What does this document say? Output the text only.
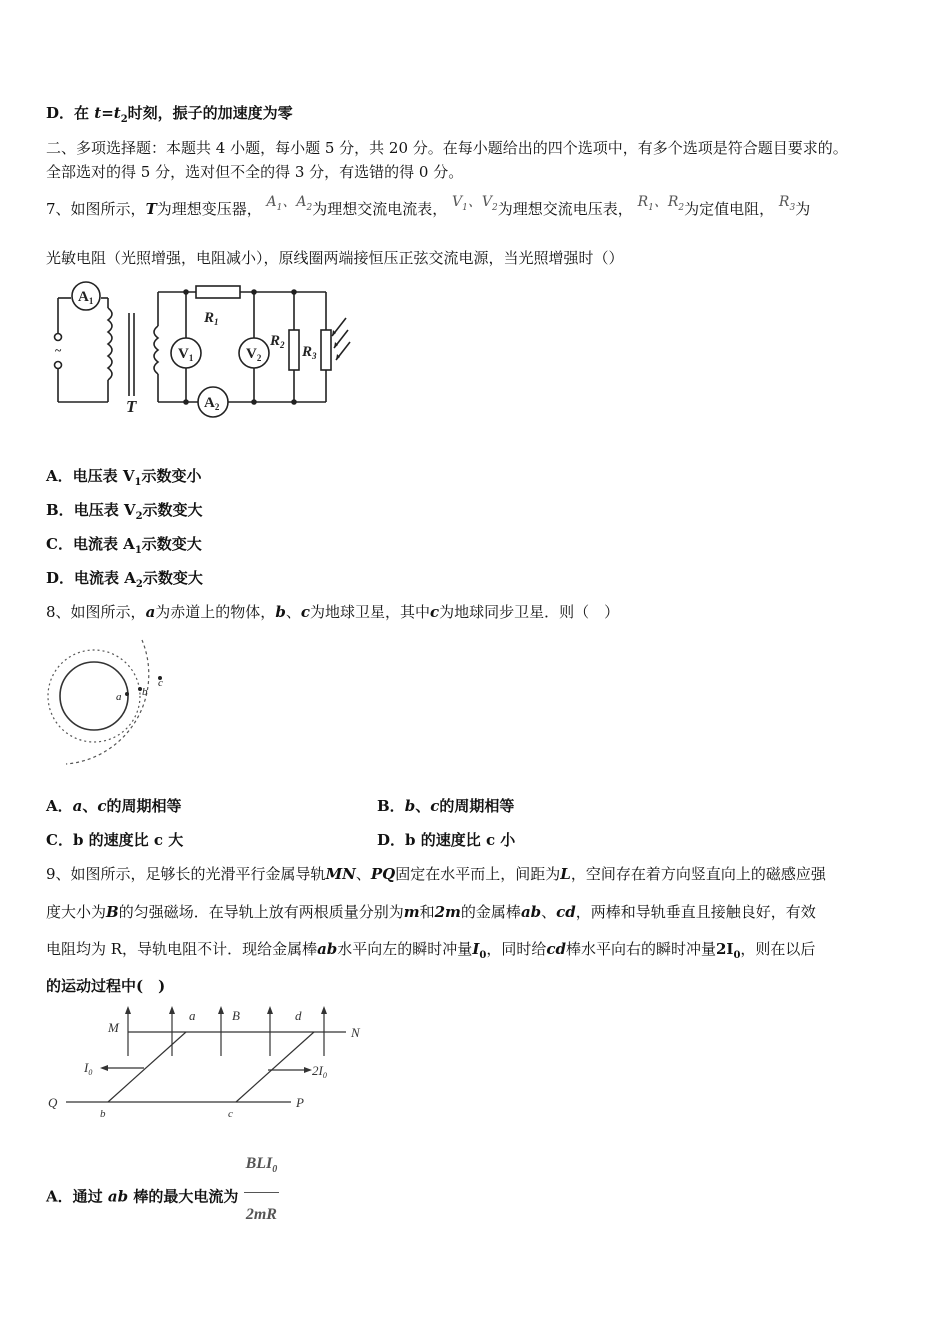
D．在 $t=t_2$时刻，振子的加速度为零
二、多项选择题：本题共 4 小题，每小题 5 分，共 20 分。在每小题给出的四个选项中，有多个选项是符合题目要求的。
全部选对的得 5 分，选对但不全的得 3 分，有选错的得 0 分。
7、如图所示，T为理想变压器， $A_1$、$A_2$为理想交流电流表， $V_1$、$V_2$为理想交流电压表， $R_1$、$R_2$为定值电阻， $R_3$为
光敏电阻（光照增强，电阻减小），原线圈两端接恒压正弦交流电源，当光照增强时（）
$A_1$
~	$V_1$	$V_2$
$A_2$
$R_1$
$R_2$ $R_3$
T
A．电压表 $V_1$示数变小
B．电压表 $V_2$示数变大
C．电流表 $A_1$示数变大
D．电流表 $A_2$示数变大
8、如图所示，a为赤道上的物体，b、c为地球卫星，其中c为地球同步卫星．则（　）
a b
c
A．a、c的周期相等	B．b、c的周期相等
C．b 的速度比 c 大	D．b 的速度比 c 小
9、如图所示，足够长的光滑平行金属导轨MN、PQ固定在水平而上，间距为L，空间存在着方向竖直向上的磁感应强
度大小为B的匀强磁场．在导轨上放有两根质量分别为m和2m的金属棒ab、cd，两棒和导轨垂直且接触良好，有效
电阻均为 R，导轨电阻不计．现给金属棒ab水平向左的瞬时冲量$I_0$，同时给cd棒水平向右的瞬时冲量$2I_0$，则在以后
的运动过程中(　)
M
a	B	d
N
$I_0$	$2I_0$
Q
b	c
P
A．通过 ab 棒的最大电流为 $\frac{BLI_0}{2mR}$
